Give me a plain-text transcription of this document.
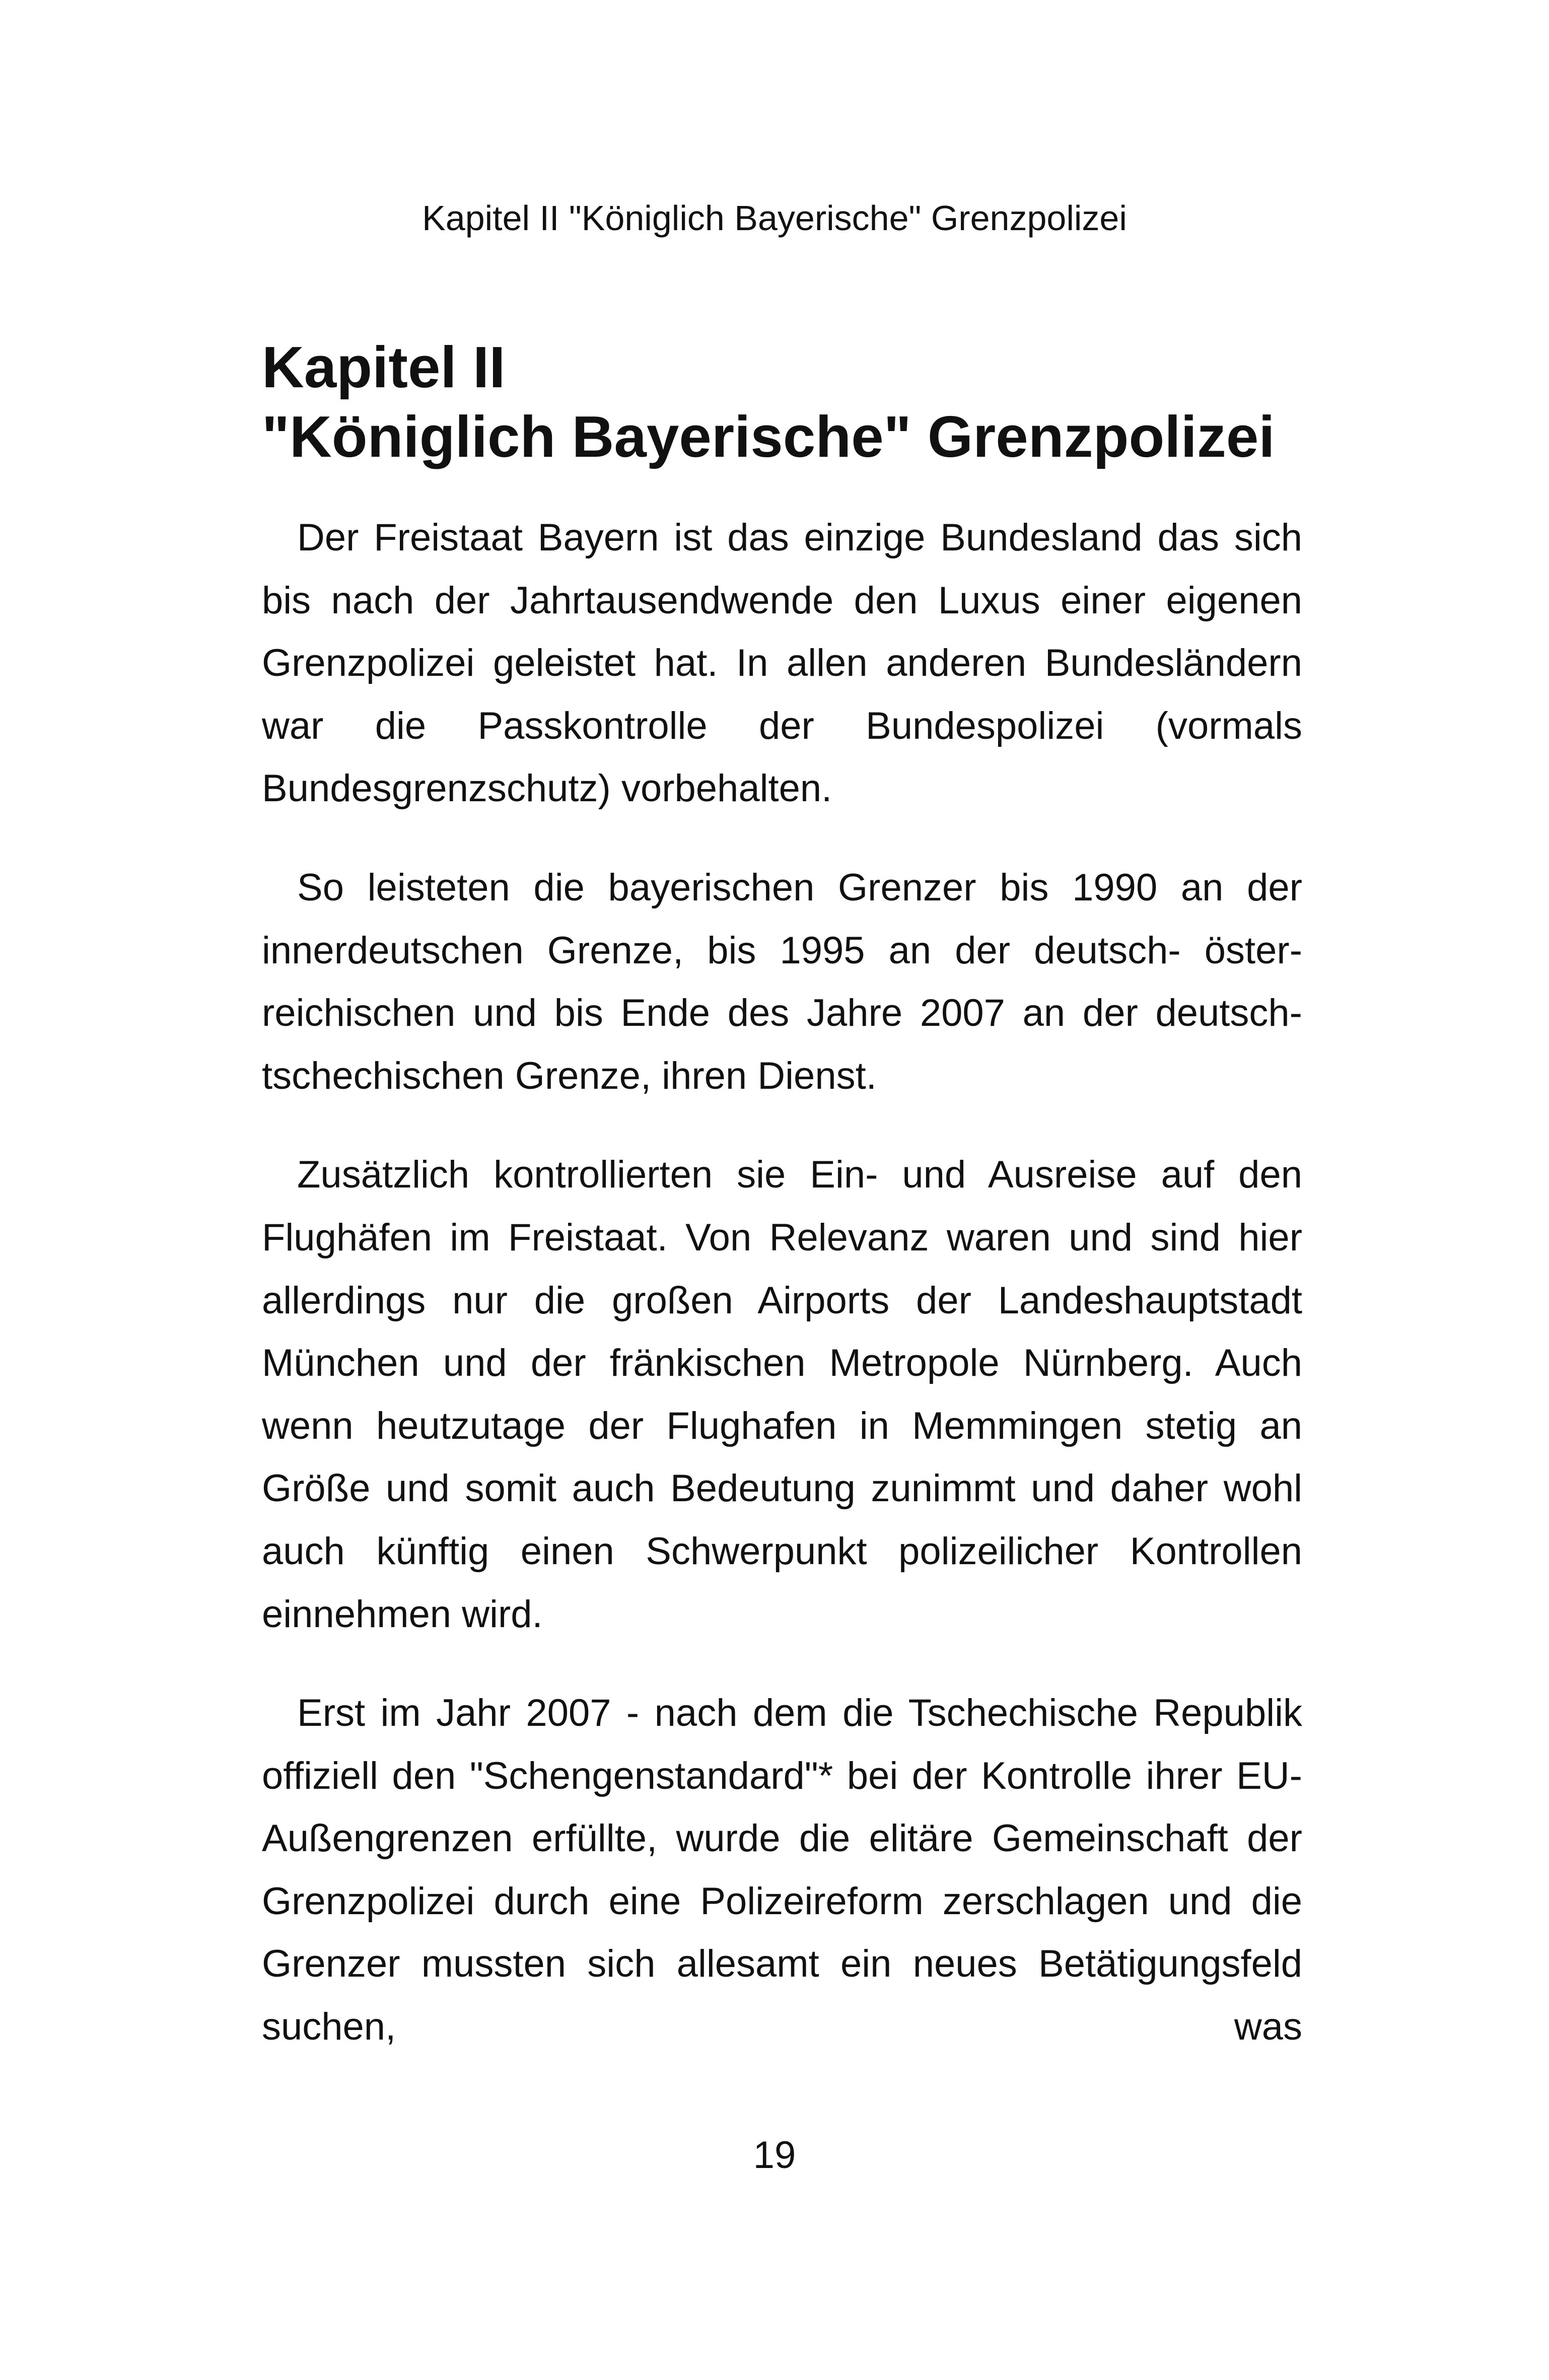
Kapitel II "Königlich Bayerische" Grenzpolizei
Kapitel II
"Königlich Bayerische" Grenzpolizei

Der Freistaat Bayern ist das einzige Bundesland das sich bis nach der Jahrtausendwende den Luxus einer eigenen Grenzpolizei geleistet hat. In allen anderen Bundesländern war die Passkontrolle der Bundespolizei (vormals Bundesgrenzschutz) vorbehalten.

So leisteten die bayerischen Grenzer bis 1990 an der innerdeutschen Grenze, bis 1995 an der deutsch- österreichischen und bis Ende des Jahre 2007 an der deutsch-tschechischen Grenze, ihren Dienst.

Zusätzlich kontrollierten sie Ein- und Ausreise auf den Flughäfen im Freistaat. Von Relevanz waren und sind hier allerdings nur die großen Airports der Landeshauptstadt München und der fränkischen Metropole Nürnberg. Auch wenn heutzutage der Flughafen in Memmingen stetig an Größe und somit auch Bedeutung zunimmt und daher wohl auch künftig einen Schwerpunkt polizeilicher Kontrollen einnehmen wird.

Erst im Jahr 2007 - nach dem die Tschechische Republik offiziell den "Schengenstandard"* bei der Kontrolle ihrer EU- Außengrenzen erfüllte, wurde die elitäre Gemeinschaft der Grenzpolizei durch eine Polizeireform zerschlagen und die Grenzer mussten sich allesamt ein neues Betätigungsfeld suchen, was

19
